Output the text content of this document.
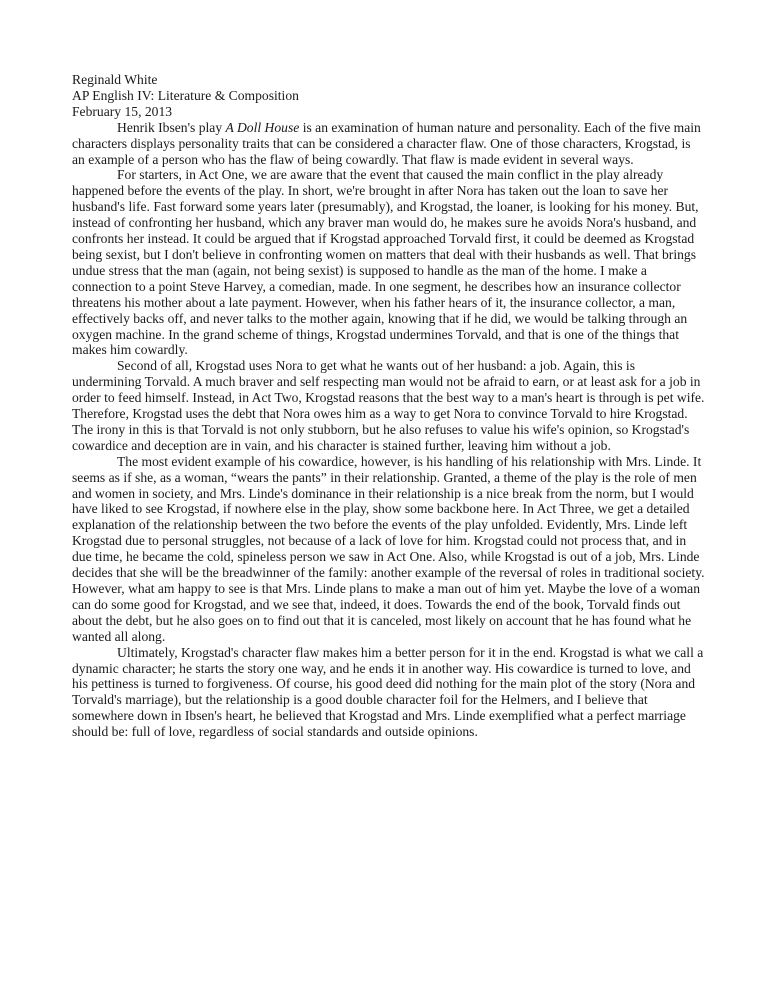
Reginald White

AP English IV: Literature & Composition

February 15, 2013

Henrik Ibsen's play A Doll House is an examination of human nature and personality. Each of the five main characters displays personality traits that can be considered a character flaw. One of those characters, Krogstad, is an example of a person who has the flaw of being cowardly. That flaw is made evident in several ways.

For starters, in Act One, we are aware that the event that caused the main conflict in the play already happened before the events of the play. In short, we're brought in after Nora has taken out the loan to save her husband's life. Fast forward some years later (presumably), and Krogstad, the loaner, is looking for his money. But, instead of confronting her husband, which any braver man would do, he makes sure he avoids Nora's husband, and confronts her instead. It could be argued that if Krogstad approached Torvald first, it could be deemed as Krogstad being sexist, but I don't believe in confronting women on matters that deal with their husbands as well. That brings undue stress that the man (again, not being sexist) is supposed to handle as the man of the home. I make a connection to a point Steve Harvey, a comedian, made. In one segment, he describes how an insurance collector threatens his mother about a late payment. However, when his father hears of it, the insurance collector, a man, effectively backs off, and never talks to the mother again, knowing that if he did, we would be talking through an oxygen machine. In the grand scheme of things, Krogstad undermines Torvald, and that is one of the things that makes him cowardly.

Second of all, Krogstad uses Nora to get what he wants out of her husband: a job. Again, this is undermining Torvald. A much braver and self respecting man would not be afraid to earn, or at least ask for a job in order to feed himself. Instead, in Act Two, Krogstad reasons that the best way to a man's heart is through is pet wife. Therefore, Krogstad uses the debt that Nora owes him as a way to get Nora to convince Torvald to hire Krogstad. The irony in this is that Torvald is not only stubborn, but he also refuses to value his wife's opinion, so Krogstad's cowardice and deception are in vain, and his character is stained further, leaving him without a job.

The most evident example of his cowardice, however, is his handling of his relationship with Mrs. Linde. It seems as if she, as a woman, “wears the pants” in their relationship. Granted, a theme of the play is the role of men and women in society, and Mrs. Linde's dominance in their relationship is a nice break from the norm, but I would have liked to see Krogstad, if nowhere else in the play, show some backbone here. In Act Three, we get a detailed explanation of the relationship between the two before the events of the play unfolded. Evidently, Mrs. Linde left Krogstad due to personal struggles, not because of a lack of love for him. Krogstad could not process that, and in due time, he became the cold, spineless person we saw in Act One. Also, while Krogstad is out of a job, Mrs. Linde decides that she will be the breadwinner of the family: another example of the reversal of roles in traditional society. However, what am happy to see is that Mrs. Linde plans to make a man out of him yet. Maybe the love of a woman can do some good for Krogstad, and we see that, indeed, it does. Towards the end of the book, Torvald finds out about the debt, but he also goes on to find out that it is canceled, most likely on account that he has found what he wanted all along.

Ultimately, Krogstad's character flaw makes him a better person for it in the end. Krogstad is what we call a dynamic character; he starts the story one way, and he ends it in another way. His cowardice is turned to love, and his pettiness is turned to forgiveness. Of course, his good deed did nothing for the main plot of the story (Nora and Torvald's marriage), but the relationship is a good double character foil for the Helmers, and I believe that somewhere down in Ibsen's heart, he believed that Krogstad and Mrs. Linde exemplified what a perfect marriage should be: full of love, regardless of social standards and outside opinions.
